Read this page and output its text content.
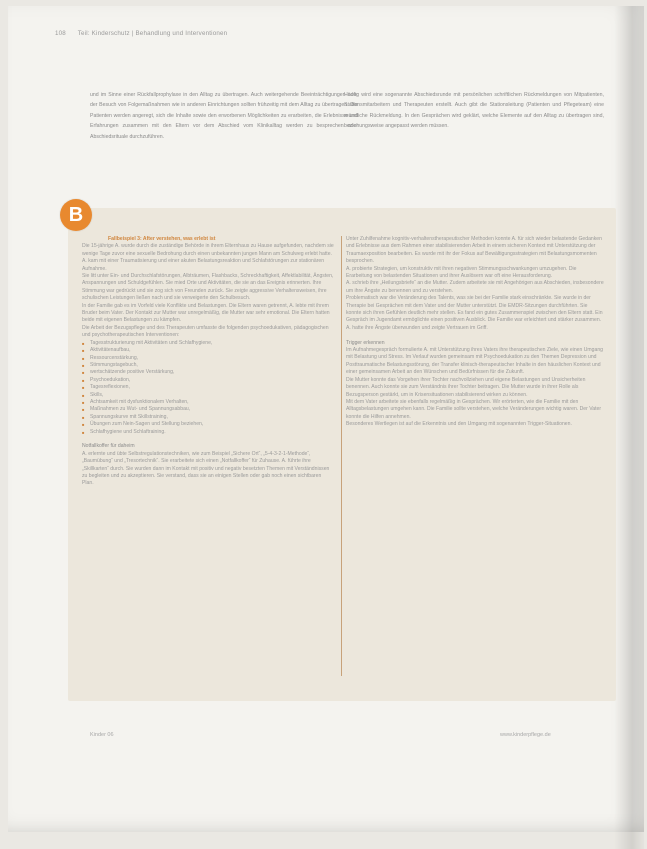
108 Teil: Kinderschutz | Behandlung und Interventionen

und im Sinne einer Rückfallprophylaxe in den Alltag zu übertragen. Auch weitergehende Beeinträchtigungen oder der Besuch von Folgemaßnahmen wie in anderen Einrichtungen sollten frühzeitig mit dem Alltag zu übertragen. Die Patienten werden angeregt, sich die Inhalte sowie den erworbenen Möglichkeiten zu erarbeiten, die Erlebnisse und Erfahrungen zusammen mit den Eltern vor dem Abschied vom Klinikalltag werden zu besprechen oder Abschiedsrituale durchzuführen.

Häufig wird eine sogenannte Abschiedsrunde mit persönlichen schriftlichen Rückmeldungen von Mitpatienten, Stationsmitarbeitern und Therapeuten erstellt. Auch gibt die Stationsleitung (Patienten und Pflegeteam) eine mündliche Rückmeldung. In den Gesprächen wird geklärt, welche Elemente auf den Alltag zu übertragen sind, beziehungsweise angepasst werden müssen.

B

Fallbeispiel 3: After verstehen, was erlebt ist

Die 15-jährige A. wurde durch die zuständige Behörde in ihrem Elternhaus zu Hause aufgefunden, nachdem sie wenige Tage zuvor eine sexuelle Bedrohung durch einen unbekannten jungen Mann am Schulweg erlebt hatte. A. kam mit einer Traumatisierung und einer akuten Belastungsreaktion und Schlafstörungen zur stationären Aufnahme.

Sie litt unter Ein- und Durchschlafstörungen, Albträumen, Flashbacks, Schreckhaftigkeit, Affektlabilität, Ängsten, Anspannungen und Schuldgefühlen. Sie mied Orte und Aktivitäten, die sie an das Ereignis erinnerten. Ihre Stimmung war gedrückt und sie zog sich von Freunden zurück. Sie zeigte aggressive Verhaltensweisen, ihre schulischen Leistungen ließen nach und sie verweigerte den Schulbesuch.

In der Familie gab es im Vorfeld viele Konflikte und Belastungen. Die Eltern waren getrennt, A. lebte mit ihrem Bruder beim Vater. Der Kontakt zur Mutter war unregelmäßig, die Mutter war sehr emotional. Die Eltern hatten beide mit eigenen Belastungen zu kämpfen.

Die Arbeit der Bezugspflege und des Therapeuten umfasste die folgenden psychoedukativen, pädagogischen und psychotherapeutischen Interventionen:

■ Tagesstrukturierung mit Aktivitäten und Schlafhygiene,
■ Aktivitätenaufbau,
■ Ressourcenstärkung,
■ Stimmungstagebuch,
■ wertschätzende positive Verstärkung,
■ Psychoedukation,
■ Tagesreflexionen,
■ Skills,
■ Achtsamkeit mit dysfunktionalem Verhalten,
■ Maßnahmen zu Wut- und Spannungsabbau,
■ Spannungskurve mit Skillstraining,
■ Übungen zum Nein-Sagen und Stellung beziehen,
■ Schlafhygiene und Schlaftraining.

Notfallkoffer für daheim

A. erlernte und übte Selbstregulationstechniken, wie zum Beispiel „Sichere Ort“, „5-4-3-2-1-Methode“, „Baumübung“ und „Tresortechnik“. Sie erarbeitete sich einen „Notfallkoffer“ für Zuhause. A. führte ihre „Skillkarten“ durch. Sie wurden dann im Kontakt mit positiv und negativ besetzten Themen mit Verständnissen zu begleiten und zu akzeptieren. Sie verstand, dass sie an einigen Stellen oder gab noch einen sichtbaren Plan.

Unter Zuhilfenahme kognitiv-verhaltenstherapeutischer Methoden konnte A. für sich wieder belastende Gedanken und Erlebnisse aus dem Rahmen einer stabilisierenden Arbeit in einem sicheren Kontext mit Unterstützung der Traumaexposition bearbeiten. Es wurde mit ihr der Fokus auf Bewältigungsstrategien mit Belastungsmomenten besprochen.

A. probierte Strategien, um konstruktiv mit ihren negativen Stimmungsschwankungen umzugehen. Die Erarbeitung von belastenden Situationen und ihrer Auslösern war oft eine Herausforderung.

A. schrieb ihre „Heilungsbriefe“ an die Mutter. Zudem arbeitete sie mit Angehörigen aus Abschieden, insbesondere um ihre Ängste zu benennen und zu verstehen.

Problematisch war die Veränderung des Talents, was sie bei der Familie stark einschränkte. Sie wurde in der Therapie bei Gesprächen mit dem Vater und der Mutter unterstützt. Die EMDR-Sitzungen durchführten. Sie konnte sich ihren Gefühlen deutlich mehr stellen. Es fand ein gutes Zusammenspiel zwischen den Eltern statt. Ein Gespräch im Jugendamt ermöglichte einen positiven Ausblick. Die Familie war erleichtert und stärker zusammen. A. hatte ihre Ängste überwunden und zeigte Vertrauen im Griff.

Trigger erkennen

Im Aufnahmegespräch formulierte A. mit Unterstützung ihres Vaters ihre therapeutischen Ziele, wie einen Umgang mit Belastung und Stress. Im Verlauf wurden gemeinsam mit Psychoedukation zu den Themen Depression und Posttraumatische Belastungsstörung, der Transfer klinisch-therapeutischer Inhalte in den häuslichen Kontext und einer gemeinsamen Arbeit an den Wünschen und Bedürfnissen für die Zukunft.

Die Mutter konnte das Vorgehen ihrer Tochter nachvollziehen und eigene Belastungen und Unsicherheiten benennen. Auch konnte sie zum Verständnis ihrer Tochter beitragen. Die Mutter wurde in ihrer Rolle als Bezugsperson gestärkt, um in Krisensituationen stabilisierend wirken zu können.

Mit dem Vater arbeitete sie ebenfalls regelmäßig in Gesprächen. Wir erörterten, wie die Familie mit den Alltagsbelastungen umgehen kann. Die Familie sollte verstehen, welche Veränderungen wichtig waren. Der Vater konnte die Hilfen annehmen.

Besonderes Wertlegen ist auf die Erkenntnis und den Umgang mit sogenannten Trigger-Situationen.

Kinder 06	www.kinderpflege.de
